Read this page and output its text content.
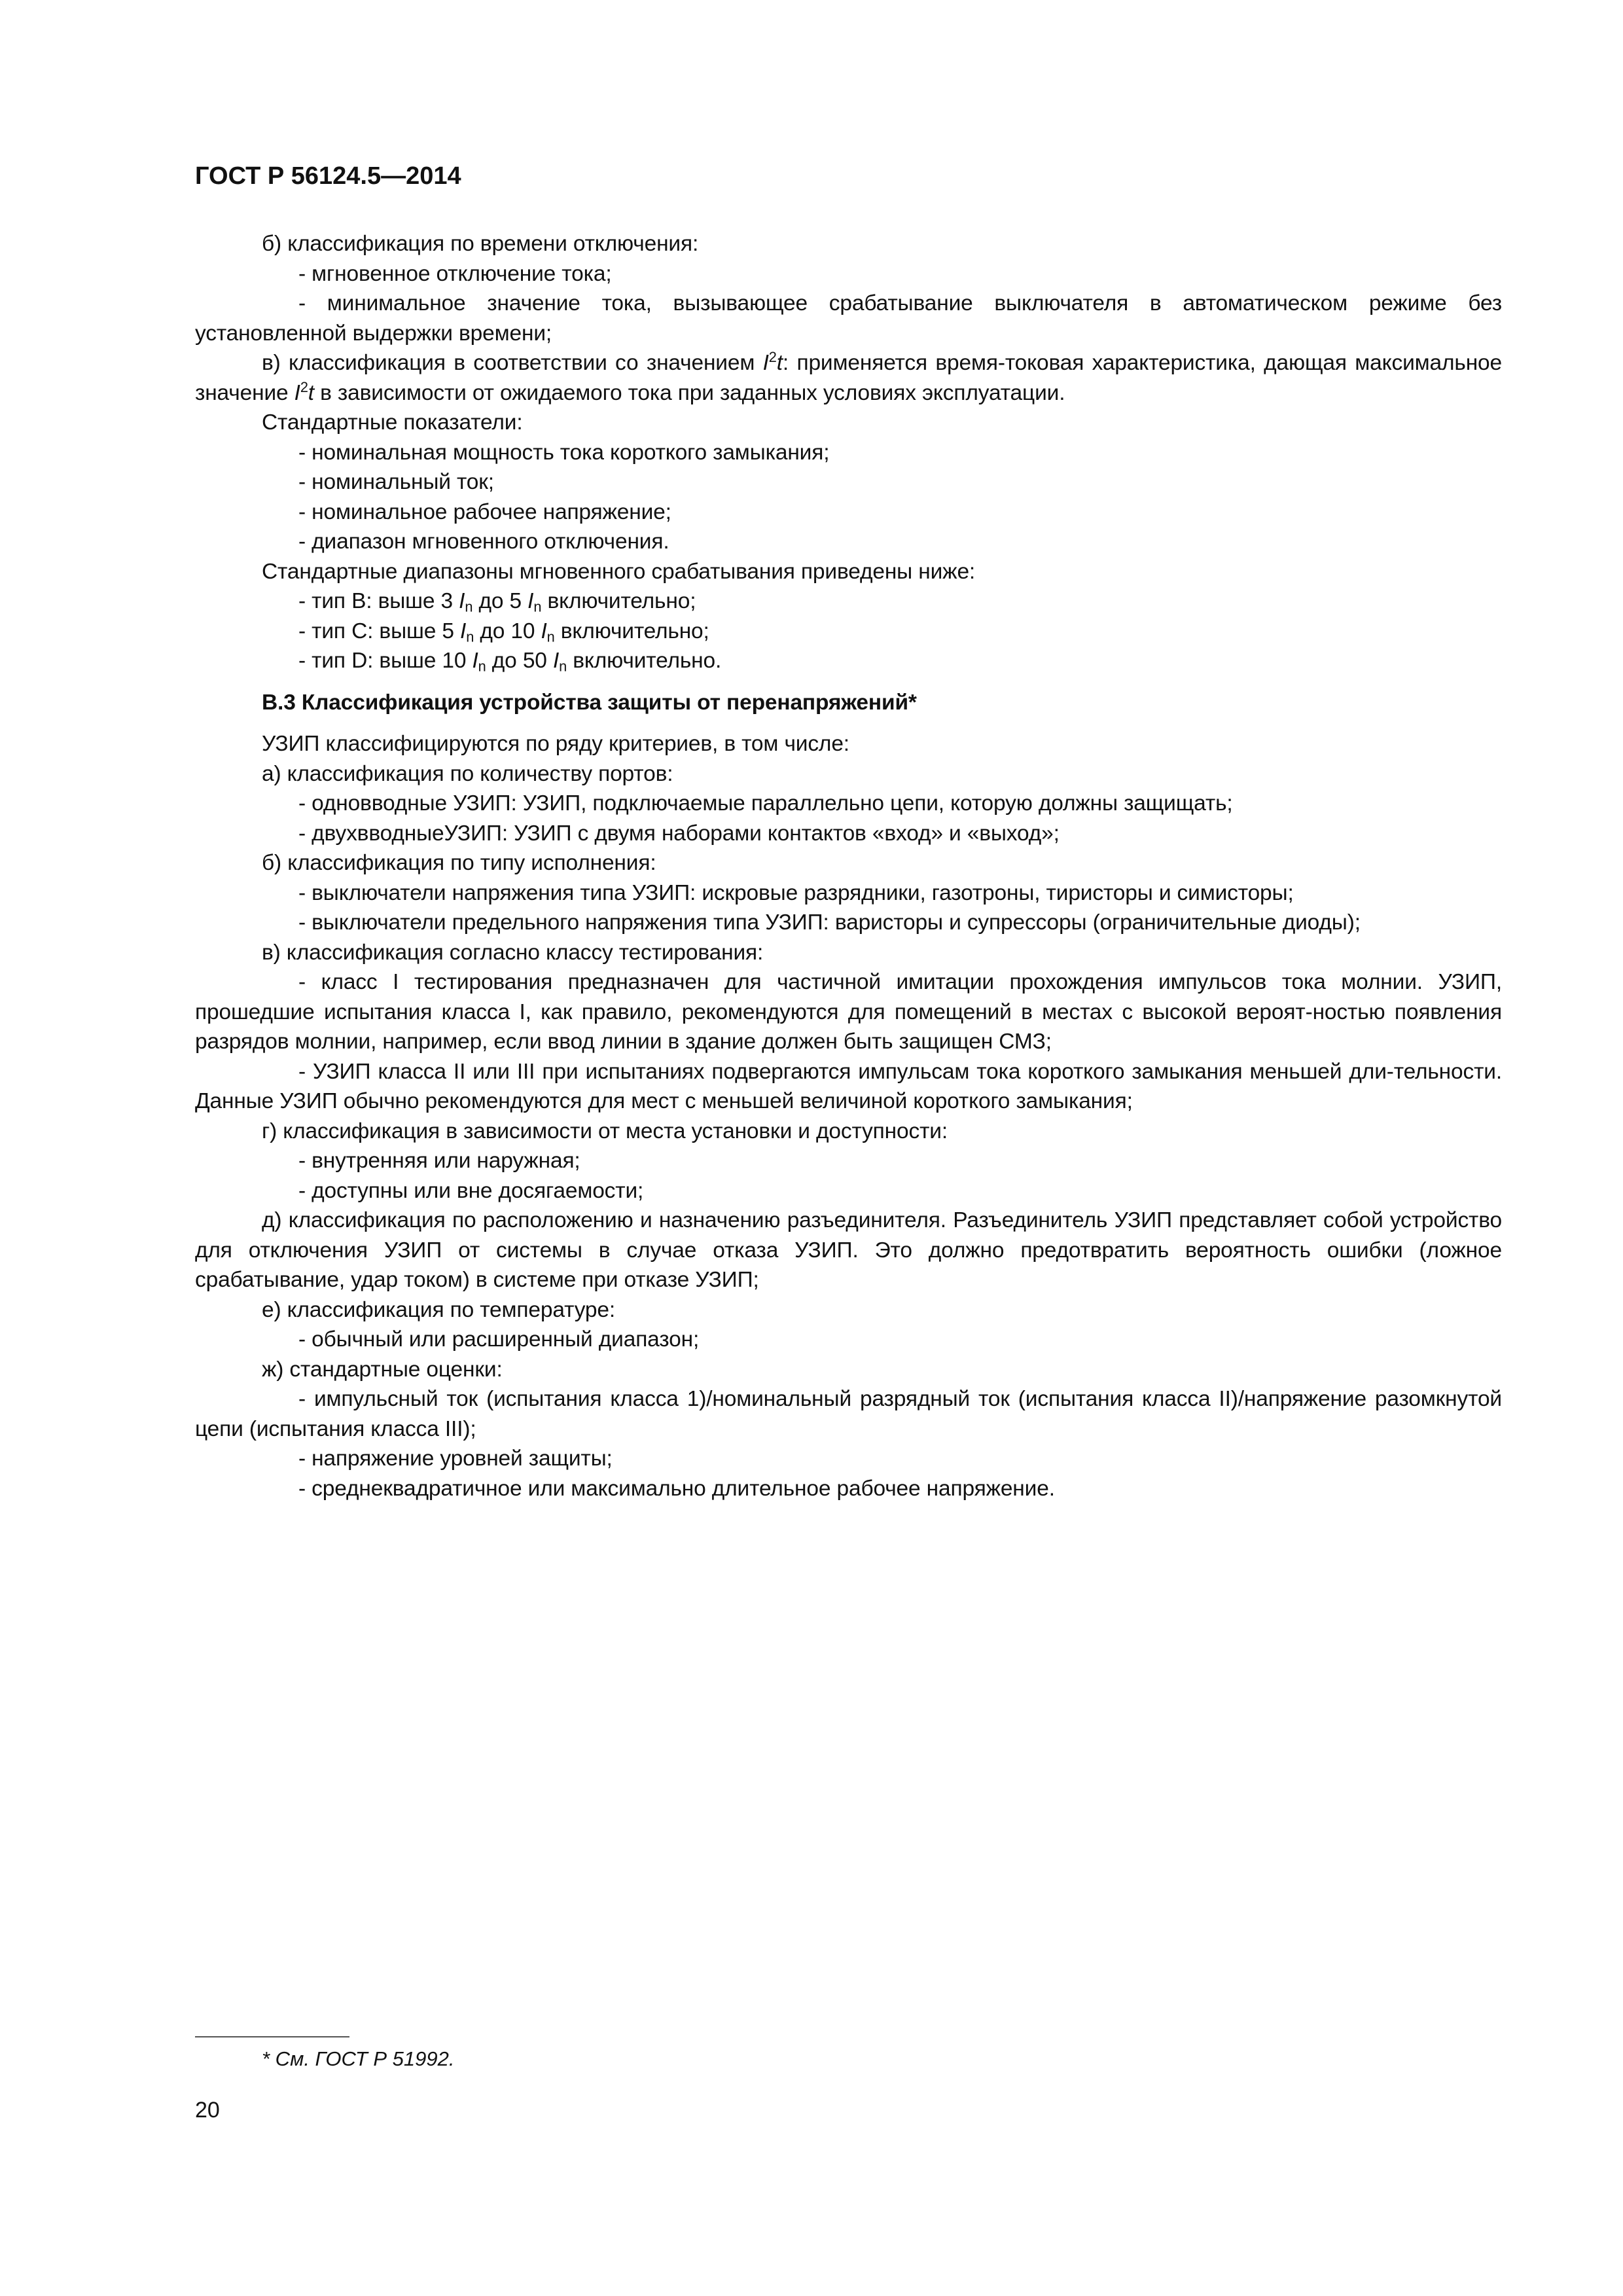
ГОСТ Р 56124.5—2014

б) классификация по времени отключения:

- мгновенное отключение тока;

- минимальное значение тока, вызывающее срабатывание выключателя в автоматическом режиме без установленной выдержки времени;

в) классификация в соответствии со значением $I^2t$: применяется время-токовая характеристика, дающая максимальное значение $I^2t$ в зависимости от ожидаемого тока при заданных условиях эксплуатации.

Стандартные показатели:

- номинальная мощность тока короткого замыкания;

- номинальный ток;

- номинальное рабочее напряжение;

- диапазон мгновенного отключения.

Стандартные диапазоны мгновенного срабатывания приведены ниже:

- тип B: выше 3 $I_n$ до 5 $I_n$ включительно;

- тип C: выше 5 $I_n$ до 10 $I_n$ включительно;

- тип D: выше 10 $I_n$ до 50 $I_n$ включительно.

B.3 Классификация устройства защиты от перенапряжений*

УЗИП классифицируются по ряду критериев, в том числе:

а) классификация по количеству портов:

- одновводные УЗИП: УЗИП, подключаемые параллельно цепи, которую должны защищать;

- двухвводныеУЗИП: УЗИП с двумя наборами контактов «вход» и «выход»;

б) классификация по типу исполнения:

- выключатели напряжения типа УЗИП: искровые разрядники, газотроны, тиристоры и симисторы;

- выключатели предельного напряжения типа УЗИП: варисторы и супрессоры (ограничительные диоды);

в) классификация согласно классу тестирования:

- класс I тестирования предназначен для частичной имитации прохождения импульсов тока молнии. УЗИП, прошедшие испытания класса I, как правило, рекомендуются для помещений в местах с высокой вероят-ностью появления разрядов молнии, например, если ввод линии в здание должен быть защищен СМЗ;

- УЗИП класса II или III при испытаниях подвергаются импульсам тока короткого замыкания меньшей дли-тельности. Данные УЗИП обычно рекомендуются для мест с меньшей величиной короткого замыкания;

г) классификация в зависимости от места установки и доступности:

- внутренняя или наружная;

- доступны или вне досягаемости;

д) классификация по расположению и назначению разъединителя. Разъединитель УЗИП представляет собой устройство для отключения УЗИП от системы в случае отказа УЗИП. Это должно предотвратить вероятность ошибки (ложное срабатывание, удар током) в системе при отказе УЗИП;

е) классификация по температуре:

- обычный или расширенный диапазон;

ж) стандартные оценки:

- импульсный ток (испытания класса 1)/номинальный разрядный ток (испытания класса II)/напряжение разомкнутой цепи (испытания класса III);

- напряжение уровней защиты;

- среднеквадратичное или максимально длительное рабочее напряжение.

* См. ГОСТ Р 51992.

20
